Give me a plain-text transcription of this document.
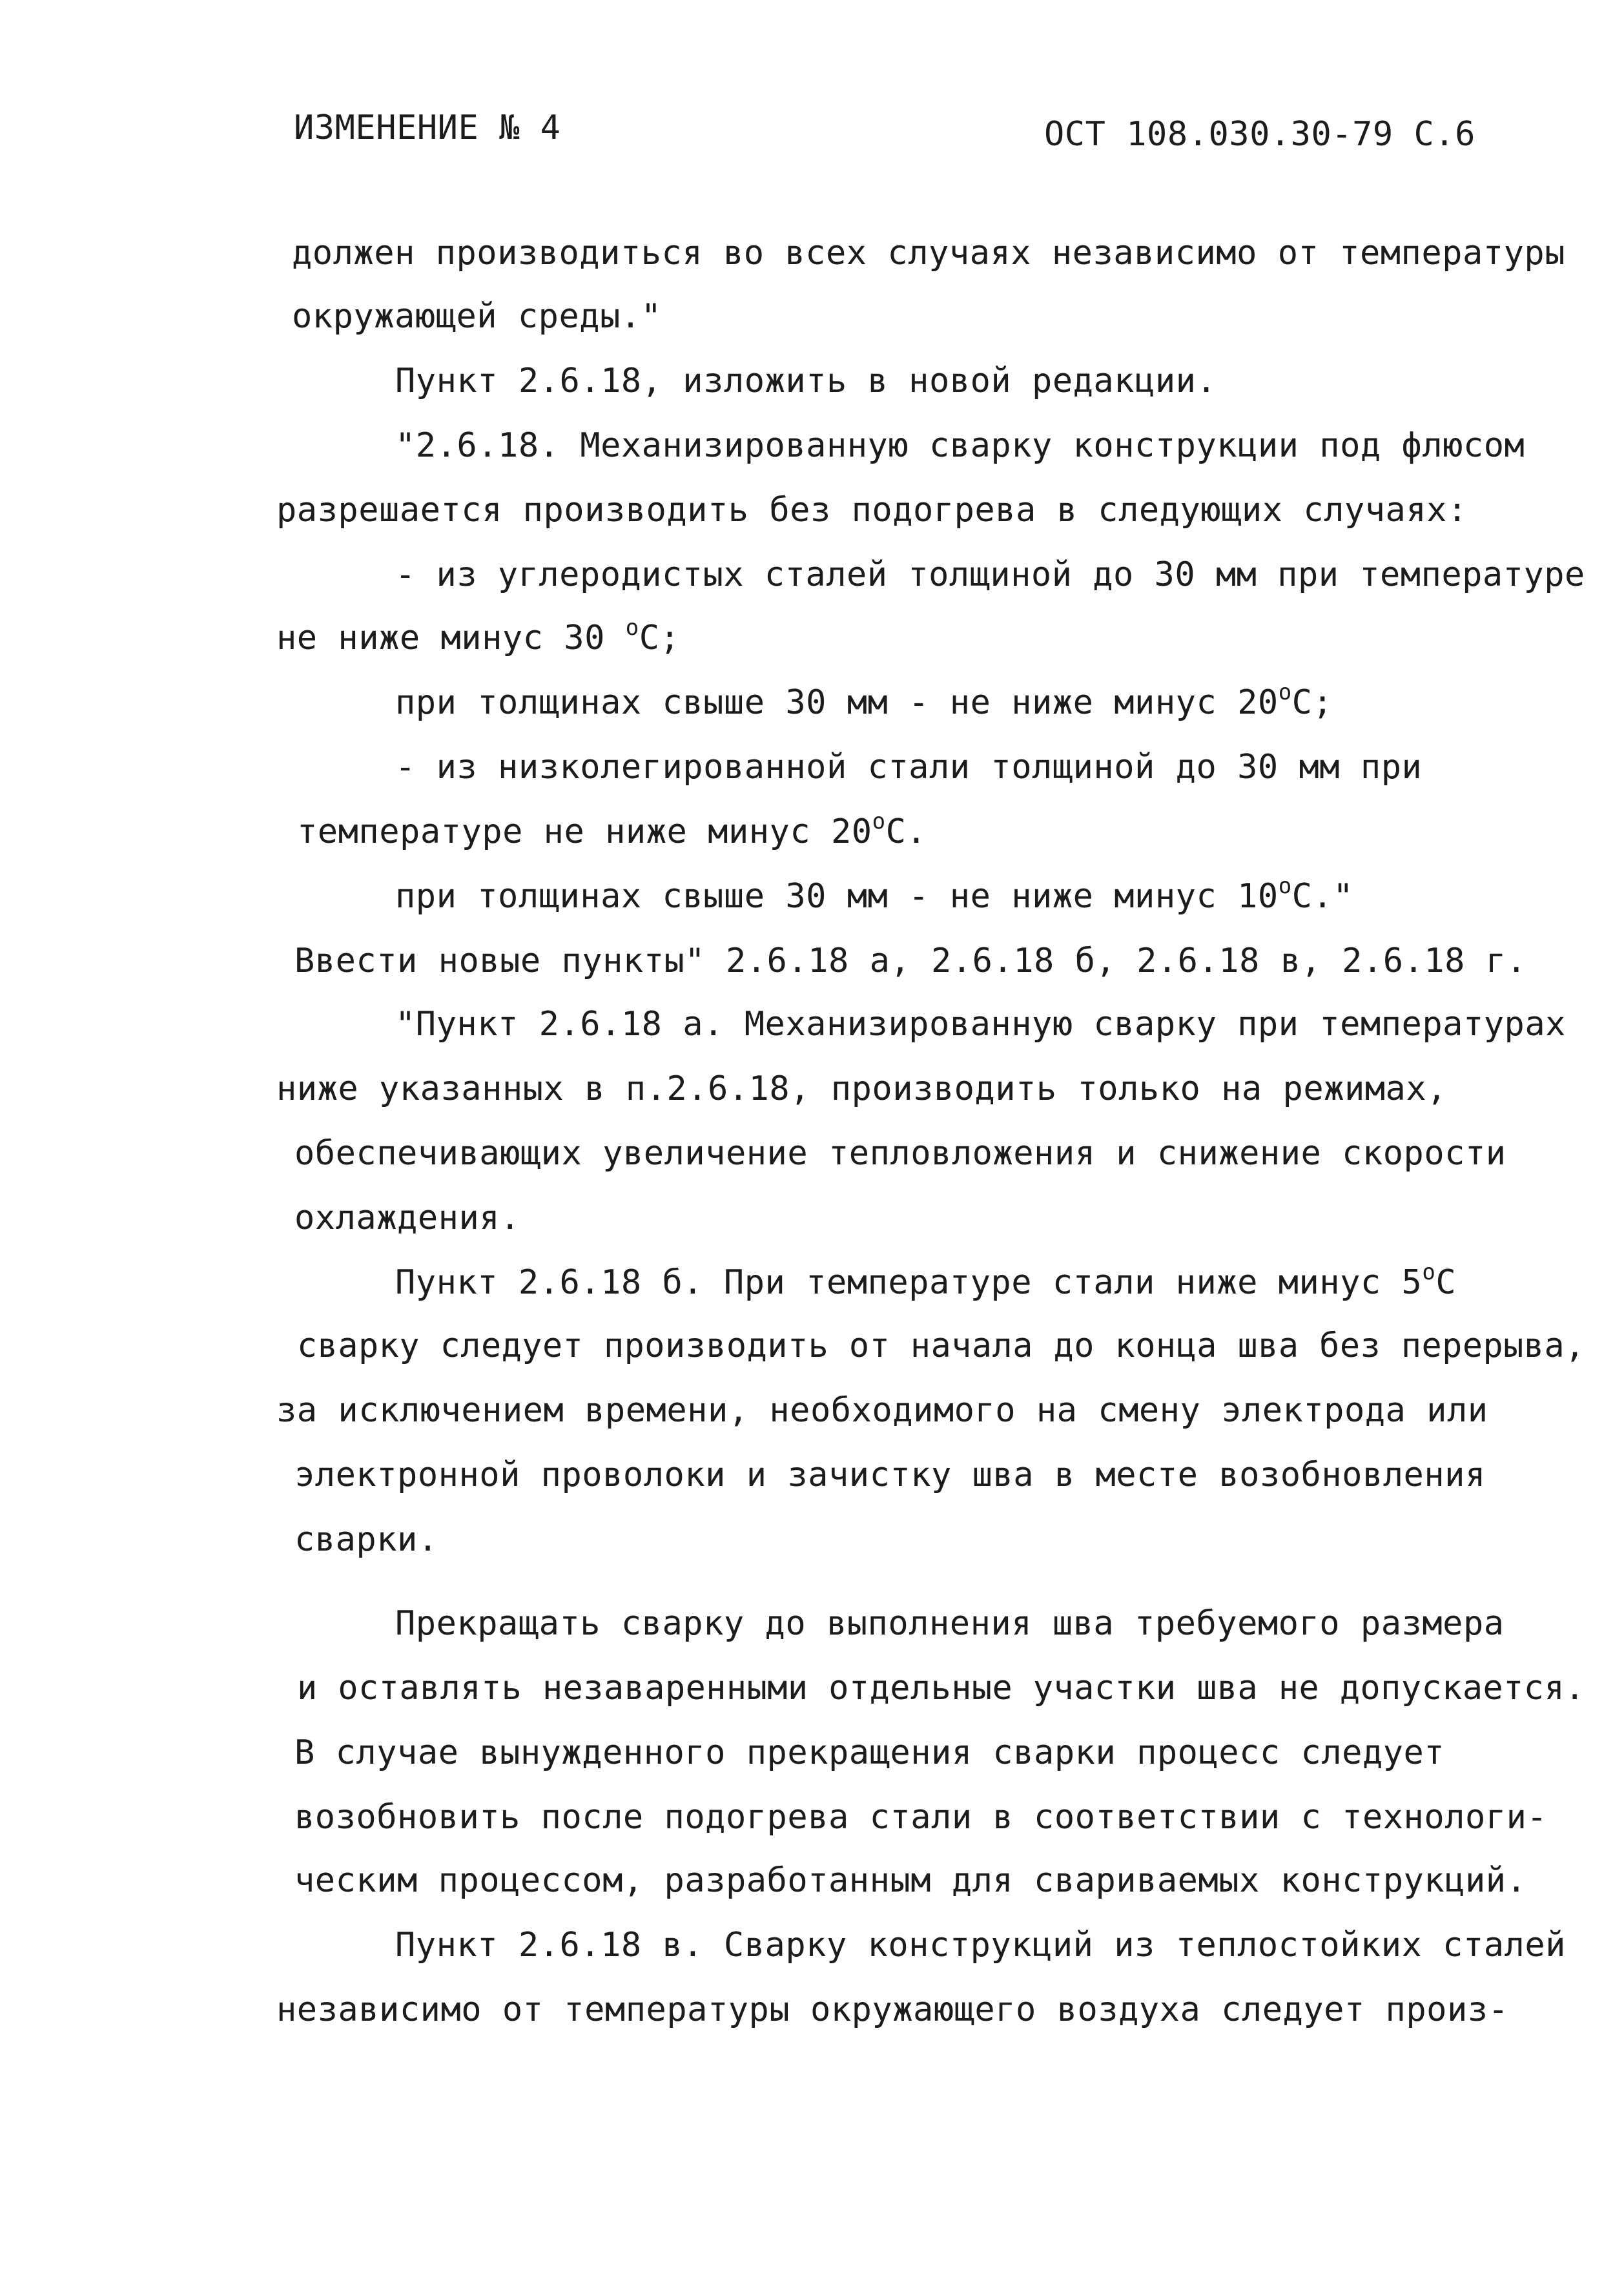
ИЗМЕНЕНИЕ № 4	ОСТ 108.030.30-79 С.6
должен производиться во всех случаях независимо от температуры
окружающей среды."
Пункт 2.6.18, изложить в новой редакции.
"2.6.18. Механизированную сварку конструкции под флюсом
разрешается производить без подогрева в следующих случаях:
- из углеродистых сталей толщиной до 30 мм при температуре
не ниже минус 30 $^о$С;
при толщинах свыше 30 мм - не ниже минус $20^оС$;
- из низколегированной стали толщиной до 30 мм при
температуре не ниже минус $20^оС$.
при толщинах свыше 30 мм - не ниже минус $10^оС$."
Ввести новые пункты" 2.6.18 а, 2.6.18 б, 2.6.18 в, 2.6.18 г.
"Пункт 2.6.18 а. Механизированную сварку при температурах
ниже указанных в п.2.6.18, производить только на режимах,
обеспечивающих увеличение тепловложения и снижение скорости
охлаждения.
Пункт 2.6.18 б. При температуре стали ниже минус $5^оС$
сварку следует производить от начала до конца шва без перерыва,
за исключением времени, необходимого на смену электрода или
электронной проволоки и зачистку шва в месте возобновления
сварки.
Прекращать сварку до выполнения шва требуемого размера
и оставлять незаваренными отдельные участки шва не допускается.
В случае вынужденного прекращения сварки процесс следует
возобновить после подогрева стали в соответствии с технологи-
ческим процессом, разработанным для свариваемых конструкций.
Пункт 2.6.18 в. Сварку конструкций из теплостойких сталей
независимо от температуры окружающего воздуха следует произ-
